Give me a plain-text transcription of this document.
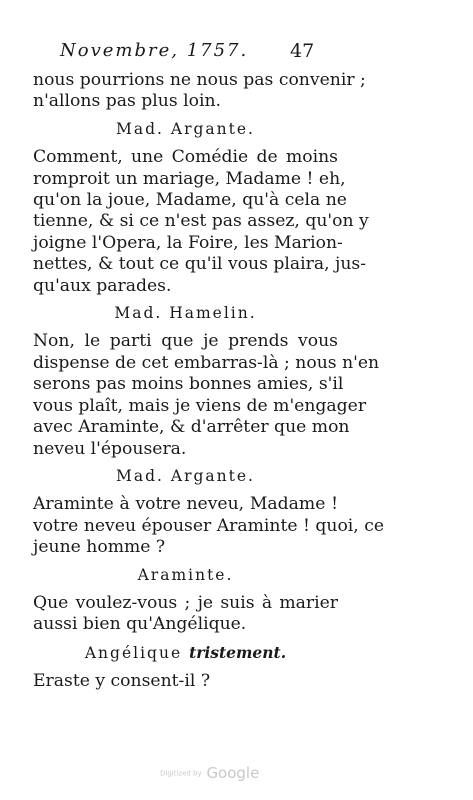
Novembre, 1757.	47
nous pourrions ne nous pas convenir ;
n'allons pas plus loin.
Mad. Argante.
Comment, une Comédie de moins
romproit un mariage, Madame ! eh,
qu'on la joue, Madame, qu'à cela ne
tienne, & si ce n'est pas assez, qu'on y
joigne l'Opera, la Foire, les Marion-
nettes, & tout ce qu'il vous plaira, jus-
qu'aux parades.
Mad. Hamelin.
Non, le parti que je prends vous
dispense de cet embarras-là ; nous n'en
serons pas moins bonnes amies, s'il
vous plaît, mais je viens de m'engager
avec Araminte, & d'arrêter que mon
neveu l'épousera.
Mad. Argante.
Araminte à votre neveu, Madame !
votre neveu épouser Araminte ! quoi, ce
jeune homme ?
Araminte.
Que voulez-vous ; je suis à marier
aussi bien qu'Angélique.
Angélique tristement.
Eraste y consent-il ?
Digitized by Google
